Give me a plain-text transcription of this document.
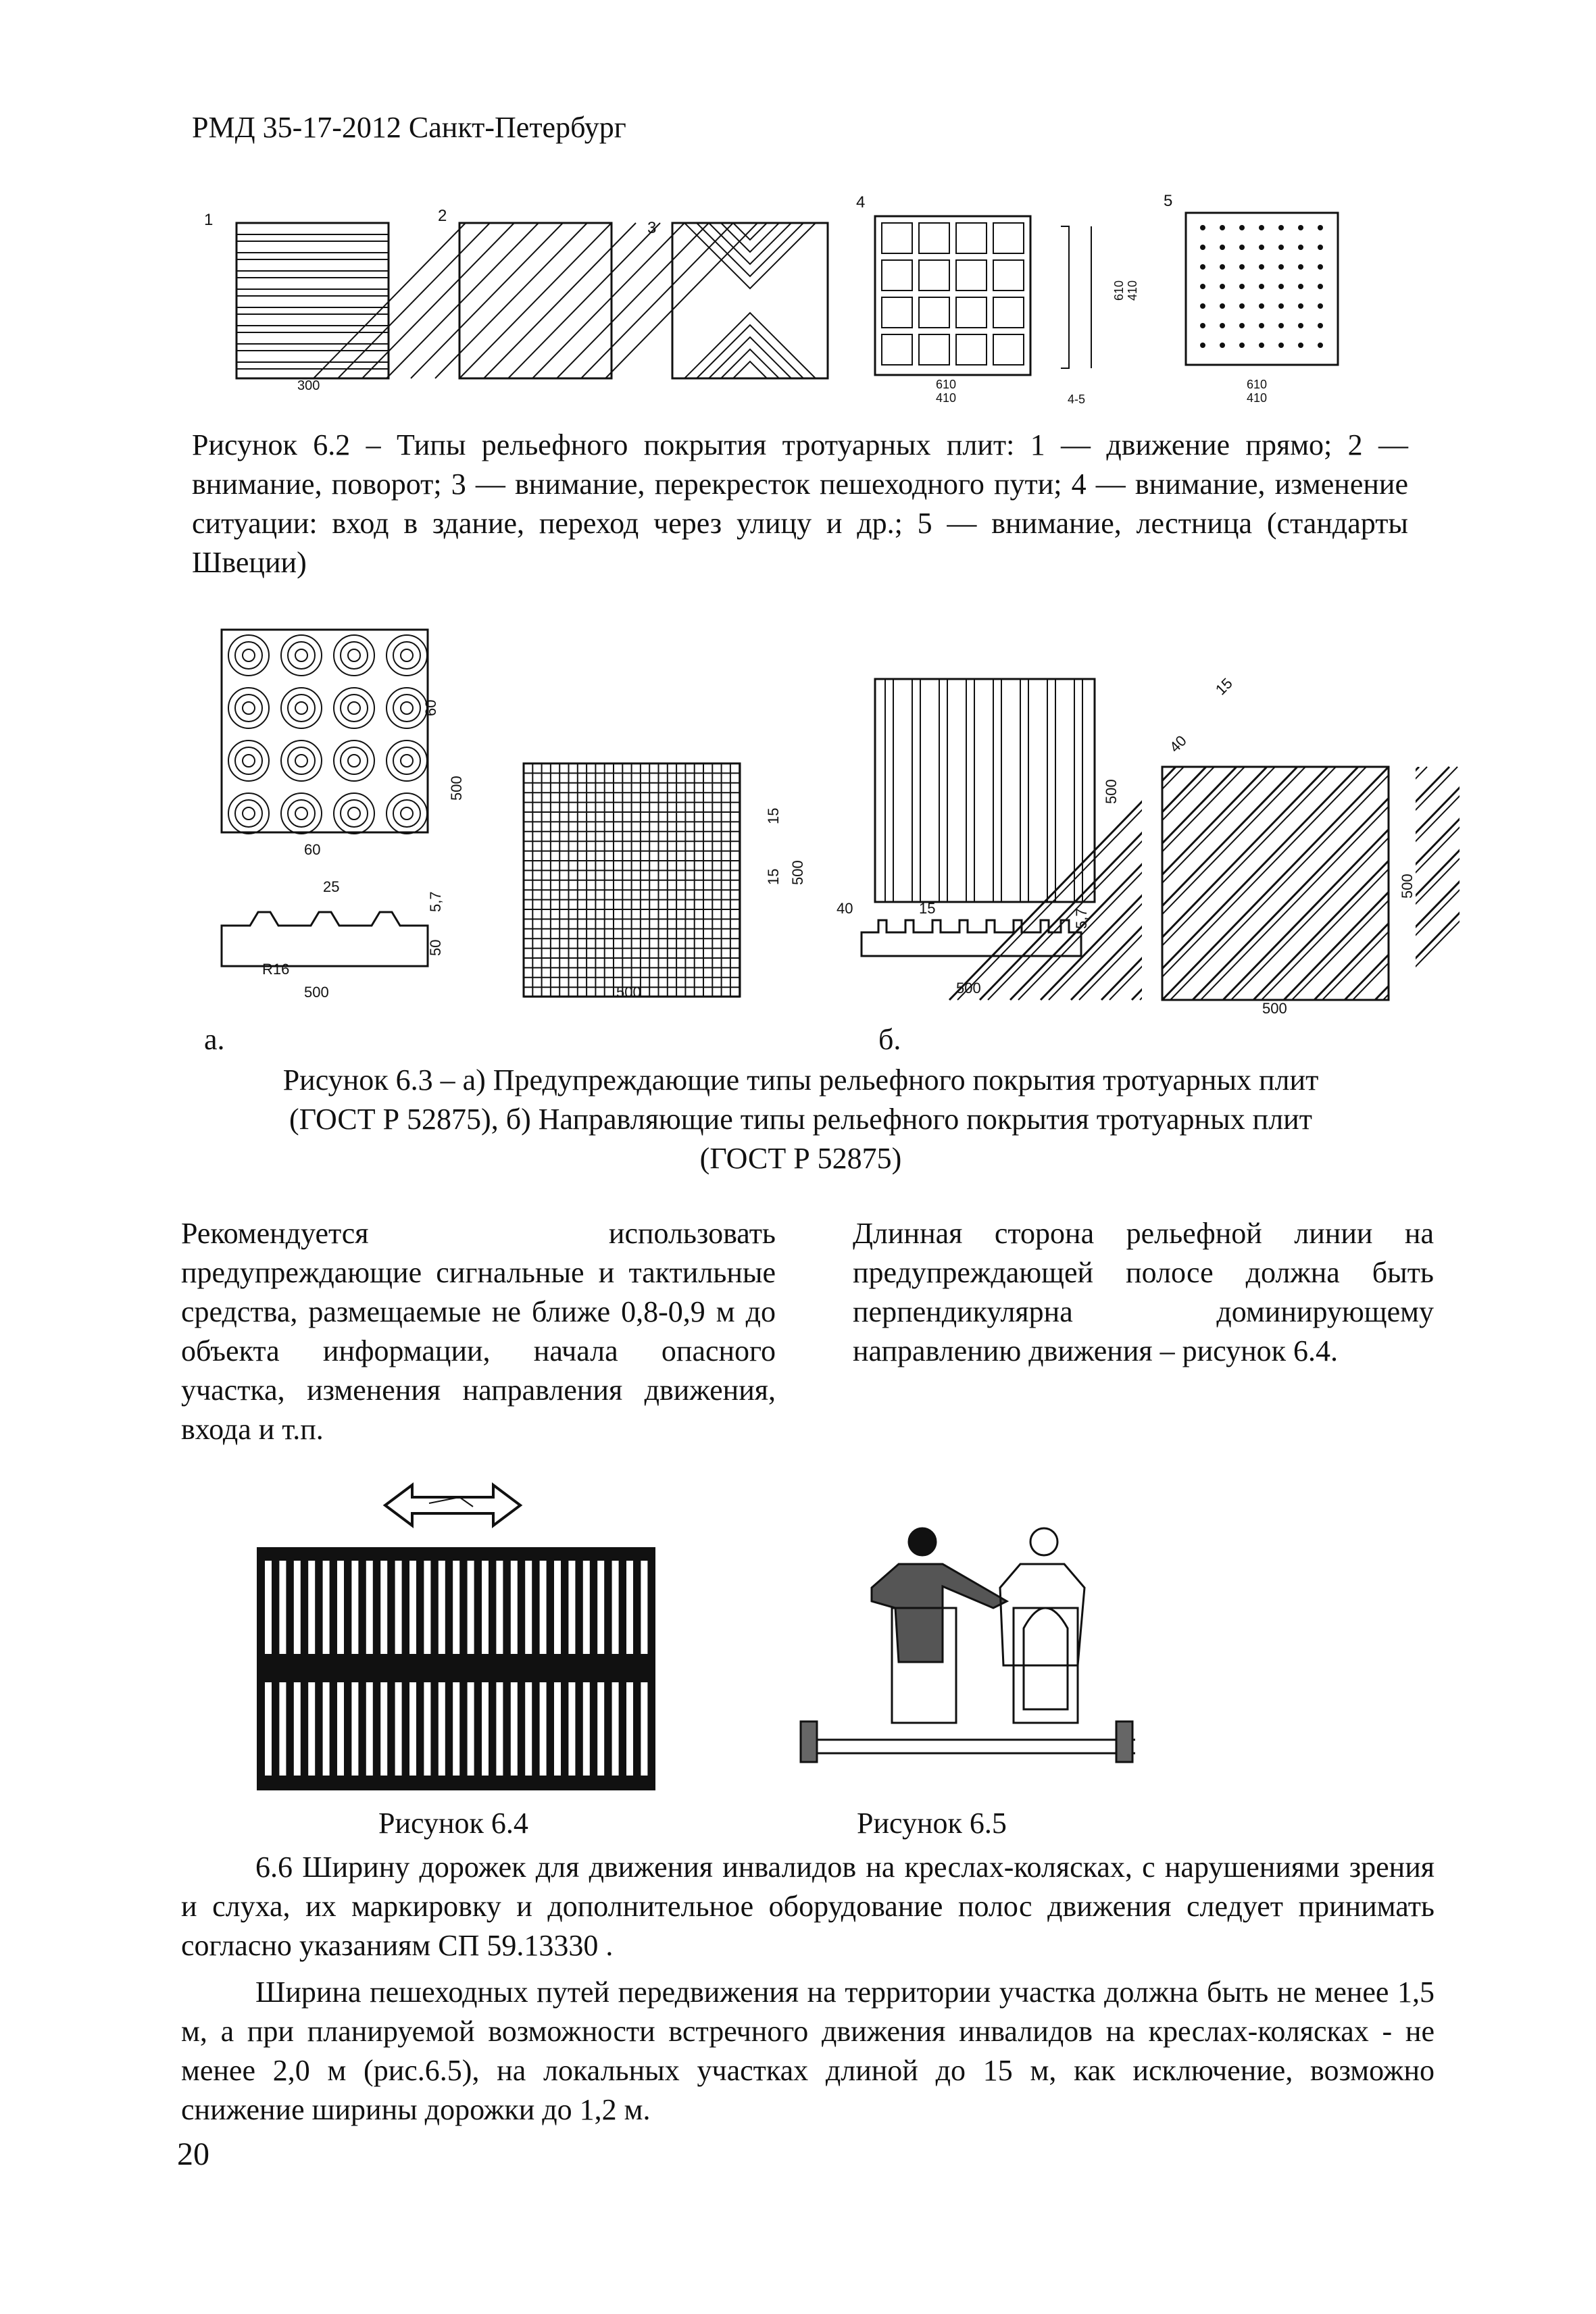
РМД 35-17-2012 Санкт-Петербург
1	2
3
4	5
300	610
410	4-5
610
410
610 410
Рисунок 6.2 – Типы рельефного покрытия тротуарных плит: 1 — движение прямо; 2 — внимание, поворот; 3 — внимание, перекресток пешеходного пути; 4 — внимание, изменение ситуации: вход в здание, переход через улицу и др.; 5 — внимание, лестница (стандарты Швеции)
60
500
60
25
5,7
50
R16
500	500
15
500
15
500
40	15	5,7
500
40
15
500
500
а.	б.
Рисунок 6.3 – а) Предупреждающие типы рельефного покрытия тротуарных плит
(ГОСТ Р 52875), б) Направляющие типы рельефного покрытия тротуарных плит
(ГОСТ Р 52875)
Рекомендуется использовать предупреждающие сигнальные и тактильные средства, размещаемые не ближе 0,8-0,9 м до объекта информации, начала опасного участка, изменения направления движения, входа и т.п.
Длинная сторона рельефной линии на предупреждающей полосе должна быть перпендикулярна доминирующему направлению движения – рисунок 6.4.
Рисунок 6.4	Рисунок 6.5
6.6 Ширину дорожек для движения инвалидов на креслах-колясках, с нарушениями зрения и слуха, их маркировку и дополнительное оборудование полос движения следует принимать согласно указаниям СП 59.13330 .
Ширина пешеходных путей передвижения на территории участка должна быть не менее 1,5 м, а при планируемой возможности встречного движения инвалидов на креслах-колясках - не менее 2,0 м (рис.6.5), на локальных участках длиной до 15 м, как исключение, возможно снижение ширины дорожки до 1,2 м.
20
